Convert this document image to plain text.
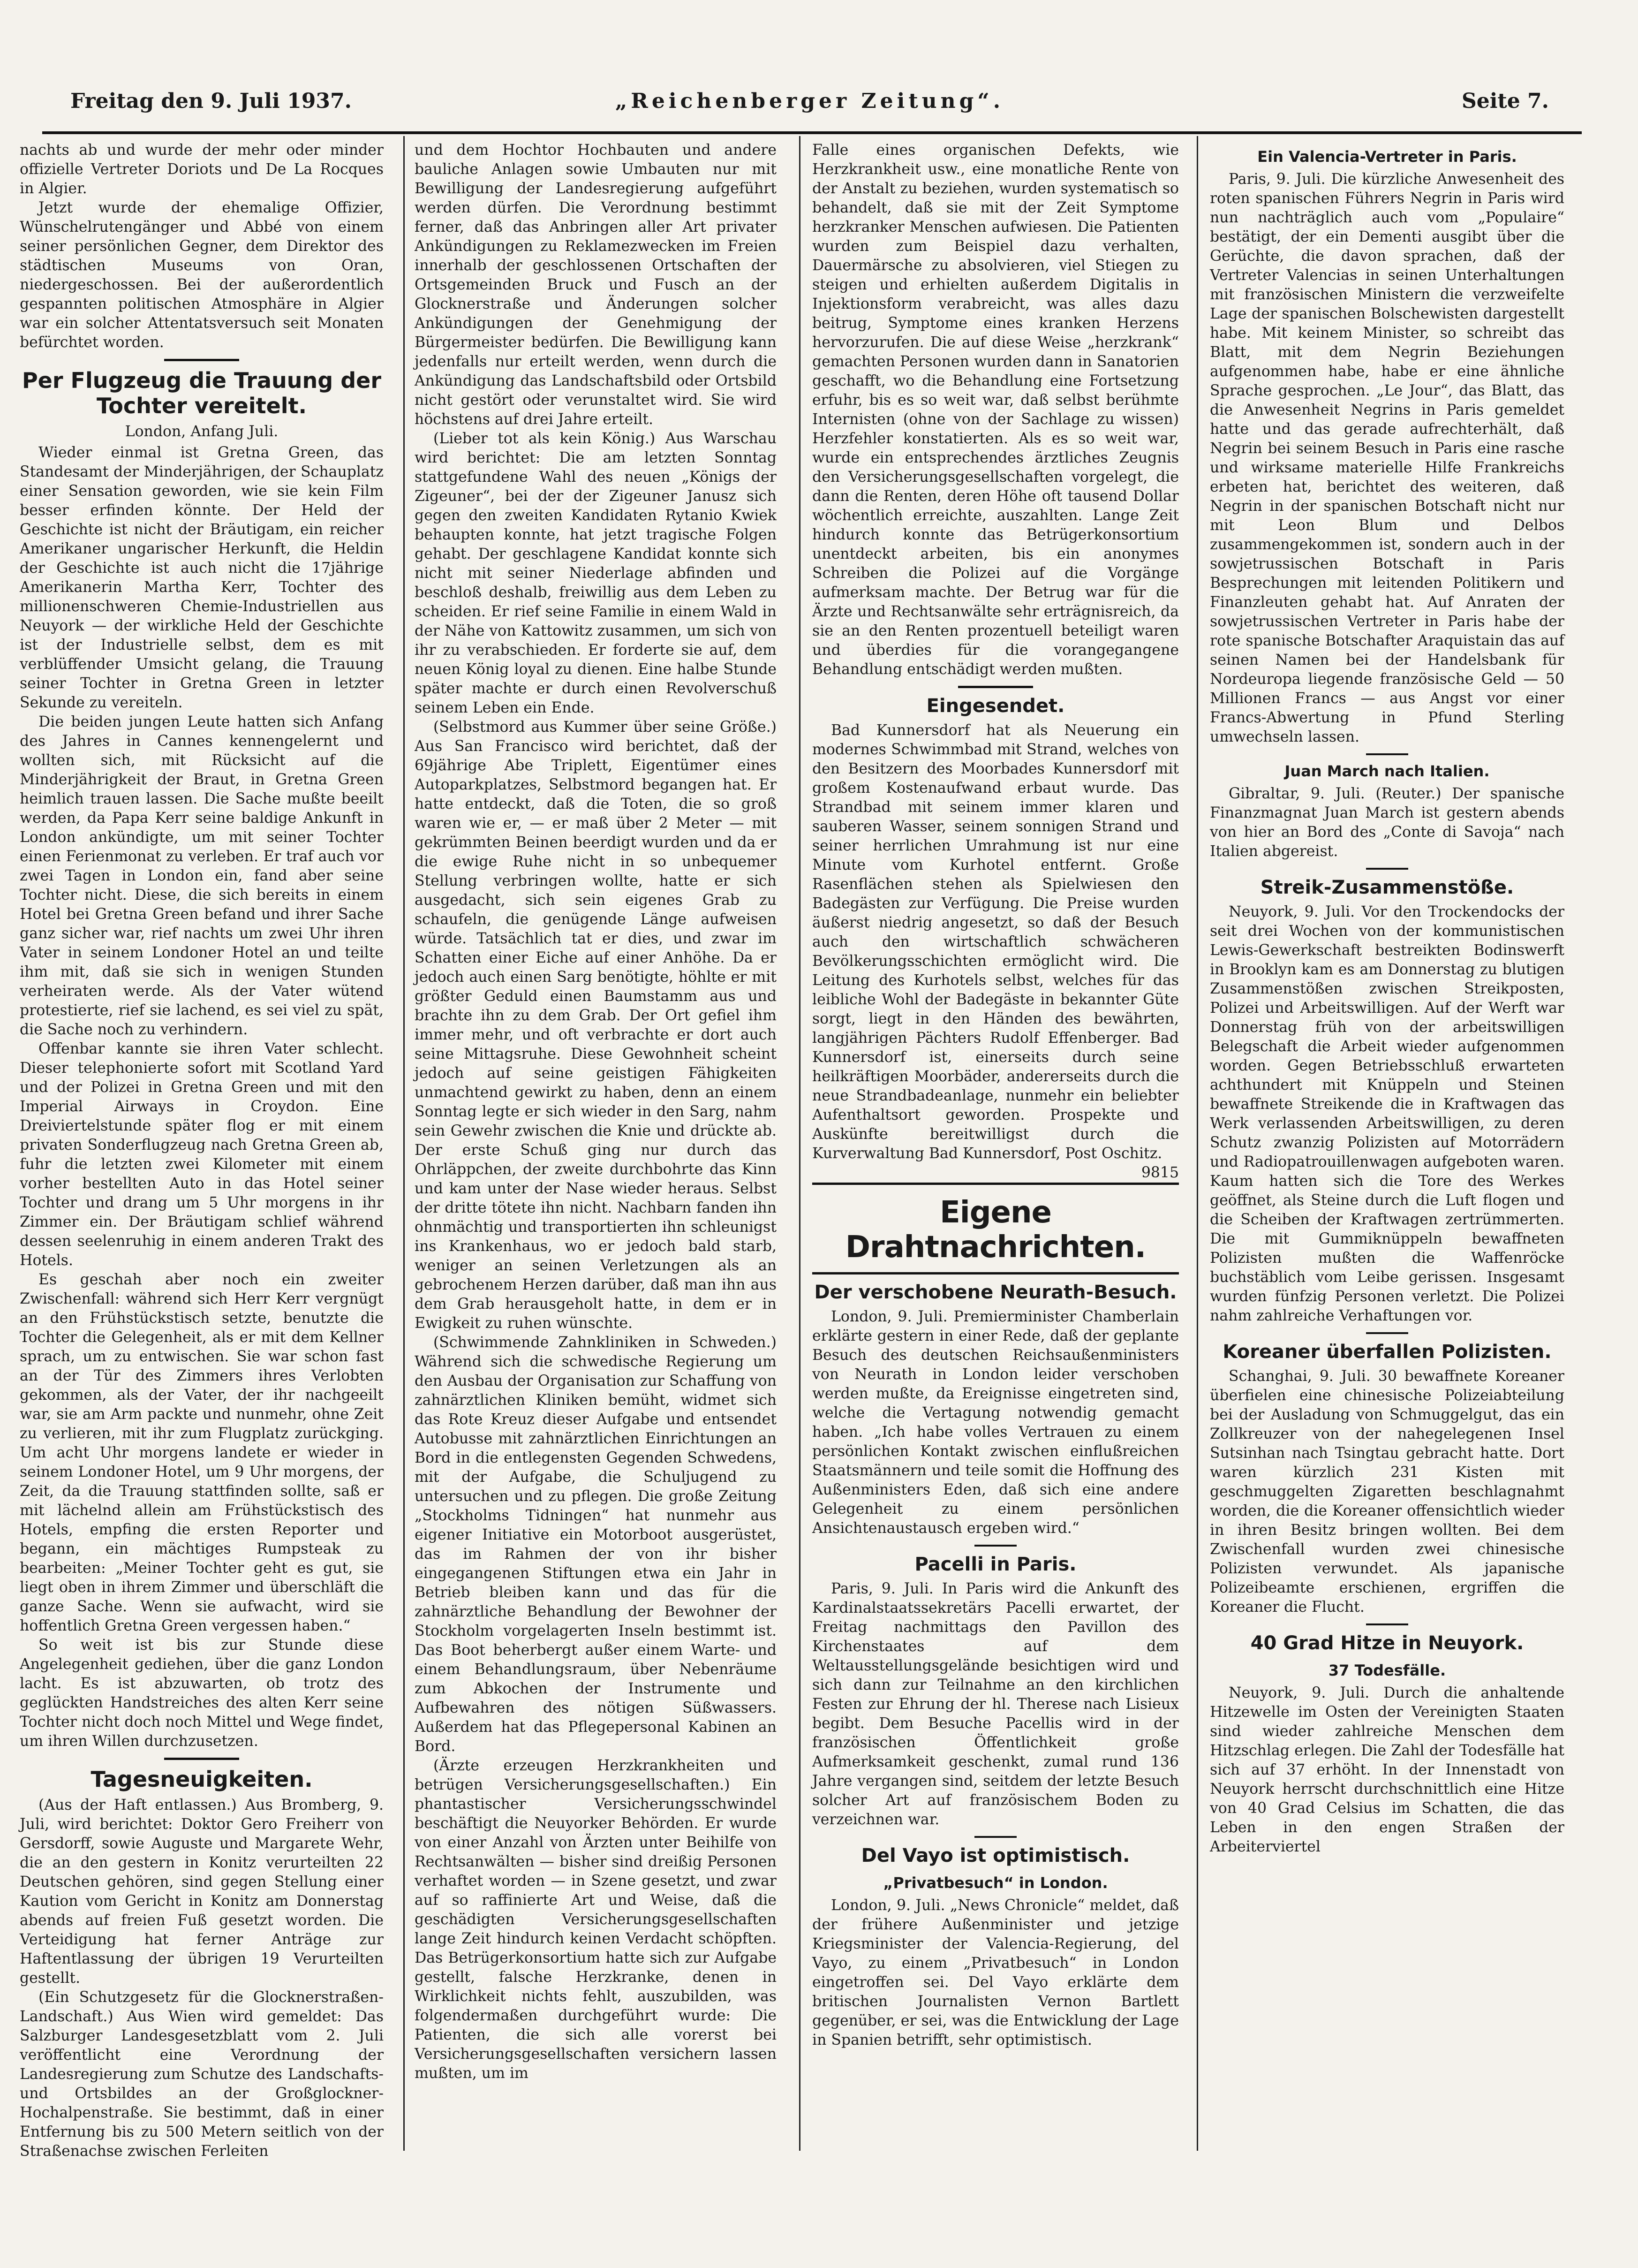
Freitag den 9. Juli 1937.	„Reichenberger Zeitung“.	Seite 7.

nachts ab und wurde der mehr oder minder offizielle Vertreter Doriots und De La Rocques in Algier.

Jetzt wurde der ehemalige Offizier, Wünschelrutengänger und Abbé von einem seiner persönlichen Gegner, dem Direktor des städtischen Museums von Oran, niedergeschossen. Bei der außerordentlich gespannten politischen Atmosphäre in Algier war ein solcher Attentatsversuch seit Monaten befürchtet worden.

Per Flugzeug die Trauung der Tochter vereitelt.
London, Anfang Juli.

Wieder einmal ist Gretna Green, das Standesamt der Minderjährigen, der Schauplatz einer Sensation geworden, wie sie kein Film besser erfinden könnte. Der Held der Geschichte ist nicht der Bräutigam, ein reicher Amerikaner ungarischer Herkunft, die Heldin der Geschichte ist auch nicht die 17jährige Amerikanerin Martha Kerr, Tochter des millionenschweren Chemie-Industriellen aus Neuyork — der wirkliche Held der Geschichte ist der Industrielle selbst, dem es mit verblüffender Umsicht gelang, die Trauung seiner Tochter in Gretna Green in letzter Sekunde zu vereiteln.

Die beiden jungen Leute hatten sich Anfang des Jahres in Cannes kennengelernt und wollten sich, mit Rücksicht auf die Minderjährigkeit der Braut, in Gretna Green heimlich trauen lassen. Die Sache mußte beeilt werden, da Papa Kerr seine baldige Ankunft in London ankündigte, um mit seiner Tochter einen Ferienmonat zu verleben. Er traf auch vor zwei Tagen in London ein, fand aber seine Tochter nicht. Diese, die sich bereits in einem Hotel bei Gretna Green befand und ihrer Sache ganz sicher war, rief nachts um zwei Uhr ihren Vater in seinem Londoner Hotel an und teilte ihm mit, daß sie sich in wenigen Stunden verheiraten werde. Als der Vater wütend protestierte, rief sie lachend, es sei viel zu spät, die Sache noch zu verhindern.

Offenbar kannte sie ihren Vater schlecht. Dieser telephonierte sofort mit Scotland Yard und der Polizei in Gretna Green und mit den Imperial Airways in Croydon. Eine Dreiviertelstunde später flog er mit einem privaten Sonderflugzeug nach Gretna Green ab, fuhr die letzten zwei Kilometer mit einem vorher bestellten Auto in das Hotel seiner Tochter und drang um 5 Uhr morgens in ihr Zimmer ein. Der Bräutigam schlief während dessen seelenruhig in einem anderen Trakt des Hotels.

Es geschah aber noch ein zweiter Zwischenfall: während sich Herr Kerr vergnügt an den Frühstückstisch setzte, benutzte die Tochter die Gelegenheit, als er mit dem Kellner sprach, um zu entwischen. Sie war schon fast an der Tür des Zimmers ihres Verlobten gekommen, als der Vater, der ihr nachgeeilt war, sie am Arm packte und nunmehr, ohne Zeit zu verlieren, mit ihr zum Flugplatz zurückging. Um acht Uhr morgens landete er wieder in seinem Londoner Hotel, um 9 Uhr morgens, der Zeit, da die Trauung stattfinden sollte, saß er mit lächelnd allein am Frühstückstisch des Hotels, empfing die ersten Reporter und begann, ein mächtiges Rumpsteak zu bearbeiten: „Meiner Tochter geht es gut, sie liegt oben in ihrem Zimmer und überschläft die ganze Sache. Wenn sie aufwacht, wird sie hoffentlich Gretna Green vergessen haben.“

So weit ist bis zur Stunde diese Angelegenheit gediehen, über die ganz London lacht. Es ist abzuwarten, ob trotz des geglückten Handstreiches des alten Kerr seine Tochter nicht doch noch Mittel und Wege findet, um ihren Willen durchzusetzen.

Tagesneuigkeiten.

(Aus der Haft entlassen.) Aus Bromberg, 9. Juli, wird berichtet: Doktor Gero Freiherr von Gersdorff, sowie Auguste und Margarete Wehr, die an den gestern in Konitz verurteilten 22 Deutschen gehören, sind gegen Stellung einer Kaution vom Gericht in Konitz am Donnerstag abends auf freien Fuß gesetzt worden. Die Verteidigung hat ferner Anträge zur Haftentlassung der übrigen 19 Verurteilten gestellt.

(Ein Schutzgesetz für die Glocknerstraßen-Landschaft.) Aus Wien wird gemeldet: Das Salzburger Landesgesetzblatt vom 2. Juli veröffentlicht eine Verordnung der Landesregierung zum Schutze des Landschafts- und Ortsbildes an der Großglockner-Hochalpenstraße. Sie bestimmt, daß in einer Entfernung bis zu 500 Metern seitlich von der Straßenachse zwischen Ferleiten

und dem Hochtor Hochbauten und andere bauliche Anlagen sowie Umbauten nur mit Bewilligung der Landesregierung aufgeführt werden dürfen. Die Verordnung bestimmt ferner, daß das Anbringen aller Art privater Ankündigungen zu Reklamezwecken im Freien innerhalb der geschlossenen Ortschaften der Ortsgemeinden Bruck und Fusch an der Glocknerstraße und Änderungen solcher Ankündigungen der Genehmigung der Bürgermeister bedürfen. Die Bewilligung kann jedenfalls nur erteilt werden, wenn durch die Ankündigung das Landschaftsbild oder Ortsbild nicht gestört oder verunstaltet wird. Sie wird höchstens auf drei Jahre erteilt.

(Lieber tot als kein König.) Aus Warschau wird berichtet: Die am letzten Sonntag stattgefundene Wahl des neuen „Königs der Zigeuner“, bei der der Zigeuner Janusz sich gegen den zweiten Kandidaten Rytanio Kwiek behaupten konnte, hat jetzt tragische Folgen gehabt. Der geschlagene Kandidat konnte sich nicht mit seiner Niederlage abfinden und beschloß deshalb, freiwillig aus dem Leben zu scheiden. Er rief seine Familie in einem Wald in der Nähe von Kattowitz zusammen, um sich von ihr zu verabschieden. Er forderte sie auf, dem neuen König loyal zu dienen. Eine halbe Stunde später machte er durch einen Revolverschuß seinem Leben ein Ende.

(Selbstmord aus Kummer über seine Größe.) Aus San Francisco wird berichtet, daß der 69jährige Abe Triplett, Eigentümer eines Autoparkplatzes, Selbstmord begangen hat. Er hatte entdeckt, daß die Toten, die so groß waren wie er, — er maß über 2 Meter — mit gekrümmten Beinen beerdigt wurden und da er die ewige Ruhe nicht in so unbequemer Stellung verbringen wollte, hatte er sich ausgedacht, sich sein eigenes Grab zu schaufeln, die genügende Länge aufweisen würde. Tatsächlich tat er dies, und zwar im Schatten einer Eiche auf einer Anhöhe. Da er jedoch auch einen Sarg benötigte, höhlte er mit größter Geduld einen Baumstamm aus und brachte ihn zu dem Grab. Der Ort gefiel ihm immer mehr, und oft verbrachte er dort auch seine Mittagsruhe. Diese Gewohnheit scheint jedoch auf seine geistigen Fähigkeiten unmachtend gewirkt zu haben, denn an einem Sonntag legte er sich wieder in den Sarg, nahm sein Gewehr zwischen die Knie und drückte ab. Der erste Schuß ging nur durch das Ohrläppchen, der zweite durchbohrte das Kinn und kam unter der Nase wieder heraus. Selbst der dritte tötete ihn nicht. Nachbarn fanden ihn ohnmächtig und transportierten ihn schleunigst ins Krankenhaus, wo er jedoch bald starb, weniger an seinen Verletzungen als an gebrochenem Herzen darüber, daß man ihn aus dem Grab herausgeholt hatte, in dem er in Ewigkeit zu ruhen wünschte.

(Schwimmende Zahnkliniken in Schweden.) Während sich die schwedische Regierung um den Ausbau der Organisation zur Schaffung von zahnärztlichen Kliniken bemüht, widmet sich das Rote Kreuz dieser Aufgabe und entsendet Autobusse mit zahnärztlichen Einrichtungen an Bord in die entlegensten Gegenden Schwedens, mit der Aufgabe, die Schuljugend zu untersuchen und zu pflegen. Die große Zeitung „Stockholms Tidningen“ hat nunmehr aus eigener Initiative ein Motorboot ausgerüstet, das im Rahmen der von ihr bisher eingegangenen Stiftungen etwa ein Jahr in Betrieb bleiben kann und das für die zahnärztliche Behandlung der Bewohner der Stockholm vorgelagerten Inseln bestimmt ist. Das Boot beherbergt außer einem Warte- und einem Behandlungsraum, über Nebenräume zum Abkochen der Instrumente und Aufbewahren des nötigen Süßwassers. Außerdem hat das Pflegepersonal Kabinen an Bord.

(Ärzte erzeugen Herzkrankheiten und betrügen Versicherungsgesellschaften.) Ein phantastischer Versicherungsschwindel beschäftigt die Neuyorker Behörden. Er wurde von einer Anzahl von Ärzten unter Beihilfe von Rechtsanwälten — bisher sind dreißig Personen verhaftet worden — in Szene gesetzt, und zwar auf so raffinierte Art und Weise, daß die geschädigten Versicherungsgesellschaften lange Zeit hindurch keinen Verdacht schöpften. Das Betrügerkonsortium hatte sich zur Aufgabe gestellt, falsche Herzkranke, denen in Wirklichkeit nichts fehlt, auszubilden, was folgendermaßen durchgeführt wurde: Die Patienten, die sich alle vorerst bei Versicherungsgesellschaften versichern lassen mußten, um im

Falle eines organischen Defekts, wie Herzkrankheit usw., eine monatliche Rente von der Anstalt zu beziehen, wurden systematisch so behandelt, daß sie mit der Zeit Symptome herzkranker Menschen aufwiesen. Die Patienten wurden zum Beispiel dazu verhalten, Dauermärsche zu absolvieren, viel Stiegen zu steigen und erhielten außerdem Digitalis in Injektionsform verabreicht, was alles dazu beitrug, Symptome eines kranken Herzens hervorzurufen. Die auf diese Weise „herzkrank“ gemachten Personen wurden dann in Sanatorien geschafft, wo die Behandlung eine Fortsetzung erfuhr, bis es so weit war, daß selbst berühmte Internisten (ohne von der Sachlage zu wissen) Herzfehler konstatierten. Als es so weit war, wurde ein entsprechendes ärztliches Zeugnis den Versicherungsgesellschaften vorgelegt, die dann die Renten, deren Höhe oft tausend Dollar wöchentlich erreichte, auszahlten. Lange Zeit hindurch konnte das Betrügerkonsortium unentdeckt arbeiten, bis ein anonymes Schreiben die Polizei auf die Vorgänge aufmerksam machte. Der Betrug war für die Ärzte und Rechtsanwälte sehr erträgnisreich, da sie an den Renten prozentuell beteiligt waren und überdies für die vorangegangene Behandlung entschädigt werden mußten.

Eingesendet.

Bad Kunnersdorf hat als Neuerung ein modernes Schwimmbad mit Strand, welches von den Besitzern des Moorbades Kunnersdorf mit großem Kostenaufwand erbaut wurde. Das Strandbad mit seinem immer klaren und sauberen Wasser, seinem sonnigen Strand und seiner herrlichen Umrahmung ist nur eine Minute vom Kurhotel entfernt. Große Rasenflächen stehen als Spielwiesen den Badegästen zur Verfügung. Die Preise wurden äußerst niedrig angesetzt, so daß der Besuch auch den wirtschaftlich schwächeren Bevölkerungsschichten ermöglicht wird. Die Leitung des Kurhotels selbst, welches für das leibliche Wohl der Badegäste in bekannter Güte sorgt, liegt in den Händen des bewährten, langjährigen Pächters Rudolf Effenberger. Bad Kunnersdorf ist, einerseits durch seine heilkräftigen Moorbäder, andererseits durch die neue Strandbadeanlage, nunmehr ein beliebter Aufenthaltsort geworden. Prospekte und Auskünfte bereitwilligst durch die Kurverwaltung Bad Kunnersdorf, Post Oschitz.

9815

Eigene Drahtnachrichten.
Der verschobene Neurath-Besuch.

London, 9. Juli. Premierminister Chamberlain erklärte gestern in einer Rede, daß der geplante Besuch des deutschen Reichsaußenministers von Neurath in London leider verschoben werden mußte, da Ereignisse eingetreten sind, welche die Vertagung notwendig gemacht haben. „Ich habe volles Vertrauen zu einem persönlichen Kontakt zwischen einflußreichen Staatsmännern und teile somit die Hoffnung des Außenministers Eden, daß sich eine andere Gelegenheit zu einem persönlichen Ansichtenaustausch ergeben wird.“

Pacelli in Paris.

Paris, 9. Juli. In Paris wird die Ankunft des Kardinalstaatssekretärs Pacelli erwartet, der Freitag nachmittags den Pavillon des Kirchenstaates auf dem Weltausstellungsgelände besichtigen wird und sich dann zur Teilnahme an den kirchlichen Festen zur Ehrung der hl. Therese nach Lisieux begibt. Dem Besuche Pacellis wird in der französischen Öffentlichkeit große Aufmerksamkeit geschenkt, zumal rund 136 Jahre vergangen sind, seitdem der letzte Besuch solcher Art auf französischem Boden zu verzeichnen war.

Del Vayo ist optimistisch.
„Privatbesuch“ in London.

London, 9. Juli. „News Chronicle“ meldet, daß der frühere Außenminister und jetzige Kriegsminister der Valencia-Regierung, del Vayo, zu einem „Privatbesuch“ in London eingetroffen sei. Del Vayo erklärte dem britischen Journalisten Vernon Bartlett gegenüber, er sei, was die Entwicklung der Lage in Spanien betrifft, sehr optimistisch.

Ein Valencia-Vertreter in Paris.

Paris, 9. Juli. Die kürzliche Anwesenheit des roten spanischen Führers Negrin in Paris wird nun nachträglich auch vom „Populaire“ bestätigt, der ein Dementi ausgibt über die Gerüchte, die davon sprachen, daß der Vertreter Valencias in seinen Unterhaltungen mit französischen Ministern die verzweifelte Lage der spanischen Bolschewisten dargestellt habe. Mit keinem Minister, so schreibt das Blatt, mit dem Negrin Beziehungen aufgenommen habe, habe er eine ähnliche Sprache gesprochen. „Le Jour“, das Blatt, das die Anwesenheit Negrins in Paris gemeldet hatte und das gerade aufrechterhält, daß Negrin bei seinem Besuch in Paris eine rasche und wirksame materielle Hilfe Frankreichs erbeten hat, berichtet des weiteren, daß Negrin in der spanischen Botschaft nicht nur mit Leon Blum und Delbos zusammengekommen ist, sondern auch in der sowjetrussischen Botschaft in Paris Besprechungen mit leitenden Politikern und Finanzleuten gehabt hat. Auf Anraten der sowjetrussischen Vertreter in Paris habe der rote spanische Botschafter Araquistain das auf seinen Namen bei der Handelsbank für Nordeuropa liegende französische Geld — 50 Millionen Francs — aus Angst vor einer Francs-Abwertung in Pfund Sterling umwechseln lassen.

Juan March nach Italien.

Gibraltar, 9. Juli. (Reuter.) Der spanische Finanzmagnat Juan March ist gestern abends von hier an Bord des „Conte di Savoja“ nach Italien abgereist.

Streik-Zusammenstöße.

Neuyork, 9. Juli. Vor den Trockendocks der seit drei Wochen von der kommunistischen Lewis-Gewerkschaft bestreikten Bodinswerft in Brooklyn kam es am Donnerstag zu blutigen Zusammenstößen zwischen Streikposten, Polizei und Arbeitswilligen. Auf der Werft war Donnerstag früh von der arbeitswilligen Belegschaft die Arbeit wieder aufgenommen worden. Gegen Betriebsschluß erwarteten achthundert mit Knüppeln und Steinen bewaffnete Streikende die in Kraftwagen das Werk verlassenden Arbeitswilligen, zu deren Schutz zwanzig Polizisten auf Motorrädern und Radiopatrouillenwagen aufgeboten waren. Kaum hatten sich die Tore des Werkes geöffnet, als Steine durch die Luft flogen und die Scheiben der Kraftwagen zertrümmerten. Die mit Gummiknüppeln bewaffneten Polizisten mußten die Waffenröcke buchstäblich vom Leibe gerissen. Insgesamt wurden fünfzig Personen verletzt. Die Polizei nahm zahlreiche Verhaftungen vor.

Koreaner überfallen Polizisten.

Schanghai, 9. Juli. 30 bewaffnete Koreaner überfielen eine chinesische Polizeiabteilung bei der Ausladung von Schmuggelgut, das ein Zollkreuzer von der nahegelegenen Insel Sutsinhan nach Tsingtau gebracht hatte. Dort waren kürzlich 231 Kisten mit geschmuggelten Zigaretten beschlagnahmt worden, die die Koreaner offensichtlich wieder in ihren Besitz bringen wollten. Bei dem Zwischenfall wurden zwei chinesische Polizisten verwundet. Als japanische Polizeibeamte erschienen, ergriffen die Koreaner die Flucht.

40 Grad Hitze in Neuyork.
37 Todesfälle.

Neuyork, 9. Juli. Durch die anhaltende Hitzewelle im Osten der Vereinigten Staaten sind wieder zahlreiche Menschen dem Hitzschlag erlegen. Die Zahl der Todesfälle hat sich auf 37 erhöht. In der Innenstadt von Neuyork herrscht durchschnittlich eine Hitze von 40 Grad Celsius im Schatten, die das Leben in den engen Straßen der Arbeiterviertel
